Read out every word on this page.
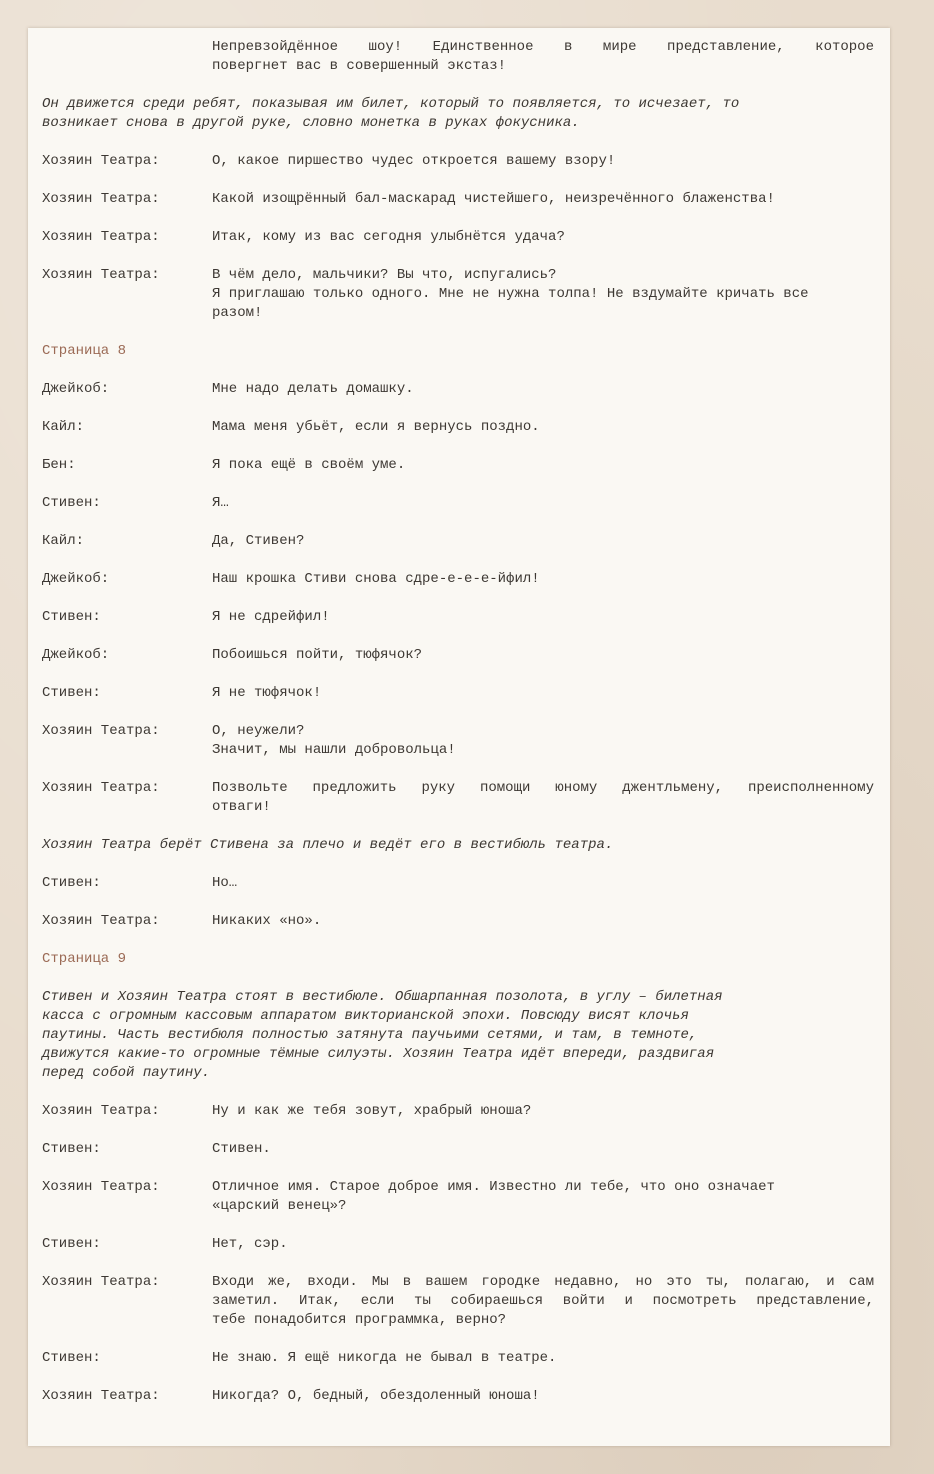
Непревзойдённое шоу! Единственное в мире представление, которое
повергнет вас в совершенный экстаз!
Он движется среди ребят, показывая им билет, который то появляется, то исчезает, то
возникает снова в другой руке, словно монетка в руках фокусника.
Хозяин Театра:	О, какое пиршество чудес откроется вашему взору!
Хозяин Театра:	Какой изощрённый бал-маскарад чистейшего, неизречённого блаженства!
Хозяин Театра:	Итак, кому из вас сегодня улыбнётся удача?
Хозяин Театра:	В чём дело, мальчики? Вы что, испугались?
Я приглашаю только одного. Мне не нужна толпа! Не вздумайте кричать все
разом!
Страница 8
Джейкоб:	Мне надо делать домашку.
Кайл:	Мама меня убьёт, если я вернусь поздно.
Бен:	Я пока ещё в своём уме.
Стивен:	Я…
Кайл:	Да, Стивен?
Джейкоб:	Наш крошка Стиви снова сдре-е-е-е-йфил!
Стивен:	Я не сдрейфил!
Джейкоб:	Побоишься пойти, тюфячок?
Стивен:	Я не тюфячок!
Хозяин Театра:	О, неужели?
Значит, мы нашли добровольца!
Хозяин Театра:	Позвольте предложить руку помощи юному джентльмену, преисполненному
отваги!
Хозяин Театра берёт Стивена за плечо и ведёт его в вестибюль театра.
Стивен:	Но…
Хозяин Театра:	Никаких «но».
Страница 9
Стивен и Хозяин Театра стоят в вестибюле. Обшарпанная позолота, в углу – билетная
касса с огромным кассовым аппаратом викторианской эпохи. Повсюду висят клочья
паутины. Часть вестибюля полностью затянута паучьими сетями, и там, в темноте,
движутся какие-то огромные тёмные силуэты. Хозяин Театра идёт впереди, раздвигая
перед собой паутину.
Хозяин Театра:	Ну и как же тебя зовут, храбрый юноша?
Стивен:	Стивен.
Хозяин Театра:	Отличное имя. Старое доброе имя. Известно ли тебе, что оно означает
«царский венец»?
Стивен:	Нет, сэр.
Хозяин Театра:	Входи же, входи. Мы в вашем городке недавно, но это ты, полагаю, и сам
заметил. Итак, если ты собираешься войти и посмотреть представление,
тебе понадобится программка, верно?
Стивен:	Не знаю. Я ещё никогда не бывал в театре.
Хозяин Театра:	Никогда? О, бедный, обездоленный юноша!
